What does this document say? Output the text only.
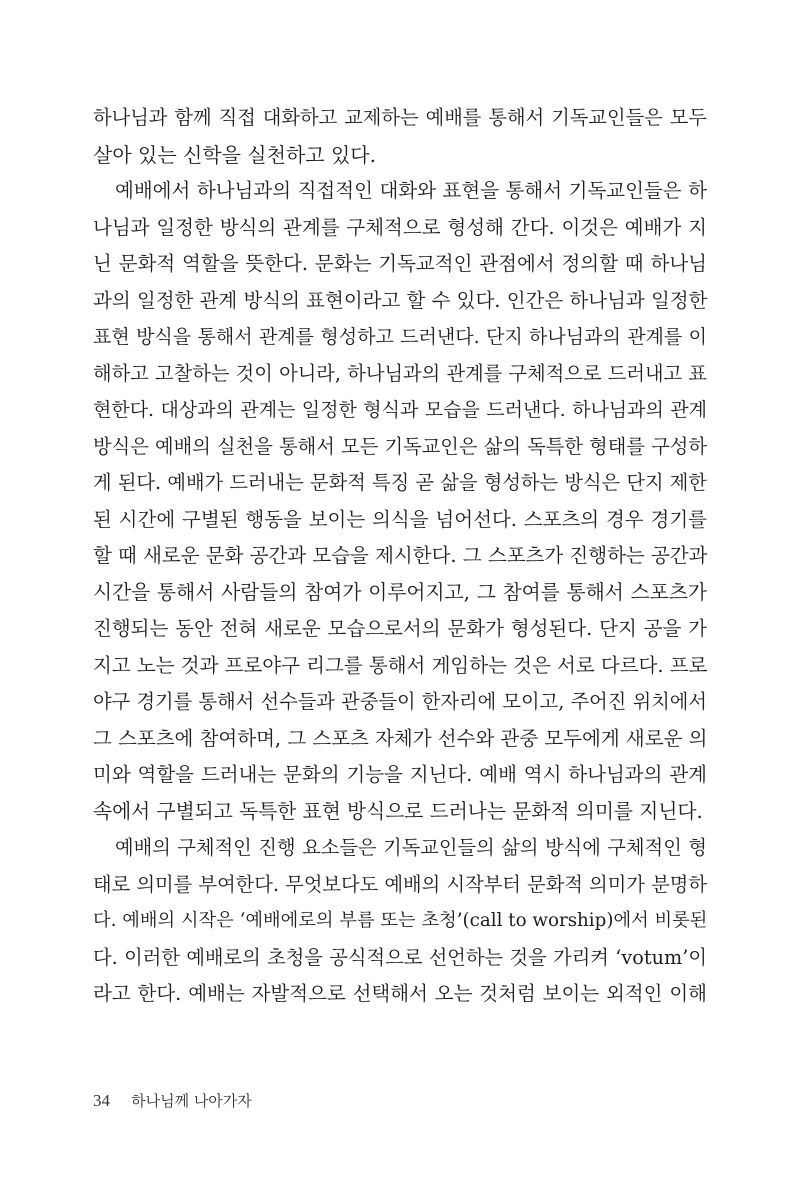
하나님과 함께 직접 대화하고 교제하는 예배를 통해서 기독교인들은 모두
살아 있는 신학을 실천하고 있다.
예배에서 하나님과의 직접적인 대화와 표현을 통해서 기독교인들은 하
나님과 일정한 방식의 관계를 구체적으로 형성해 간다. 이것은 예배가 지
닌 문화적 역할을 뜻한다. 문화는 기독교적인 관점에서 정의할 때 하나님
과의 일정한 관계 방식의 표현이라고 할 수 있다. 인간은 하나님과 일정한
표현 방식을 통해서 관계를 형성하고 드러낸다. 단지 하나님과의 관계를 이
해하고 고찰하는 것이 아니라, 하나님과의 관계를 구체적으로 드러내고 표
현한다. 대상과의 관계는 일정한 형식과 모습을 드러낸다. 하나님과의 관계
방식은 예배의 실천을 통해서 모든 기독교인은 삶의 독특한 형태를 구성하
게 된다. 예배가 드러내는 문화적 특징 곧 삶을 형성하는 방식은 단지 제한
된 시간에 구별된 행동을 보이는 의식을 넘어선다. 스포츠의 경우 경기를
할 때 새로운 문화 공간과 모습을 제시한다. 그 스포츠가 진행하는 공간과
시간을 통해서 사람들의 참여가 이루어지고, 그 참여를 통해서 스포츠가
진행되는 동안 전혀 새로운 모습으로서의 문화가 형성된다. 단지 공을 가
지고 노는 것과 프로야구 리그를 통해서 게임하는 것은 서로 다르다. 프로
야구 경기를 통해서 선수들과 관중들이 한자리에 모이고, 주어진 위치에서
그 스포츠에 참여하며, 그 스포츠 자체가 선수와 관중 모두에게 새로운 의
미와 역할을 드러내는 문화의 기능을 지닌다. 예배 역시 하나님과의 관계
속에서 구별되고 독특한 표현 방식으로 드러나는 문화적 의미를 지닌다.
예배의 구체적인 진행 요소들은 기독교인들의 삶의 방식에 구체적인 형
태로 의미를 부여한다. 무엇보다도 예배의 시작부터 문화적 의미가 분명하
다. 예배의 시작은 ‘예배에로의 부름 또는 초청’(call to worship)에서 비롯된
다. 이러한 예배로의 초청을 공식적으로 선언하는 것을 가리켜 ‘votum’이
라고 한다. 예배는 자발적으로 선택해서 오는 것처럼 보이는 외적인 이해
34 하나님께 나아가자
